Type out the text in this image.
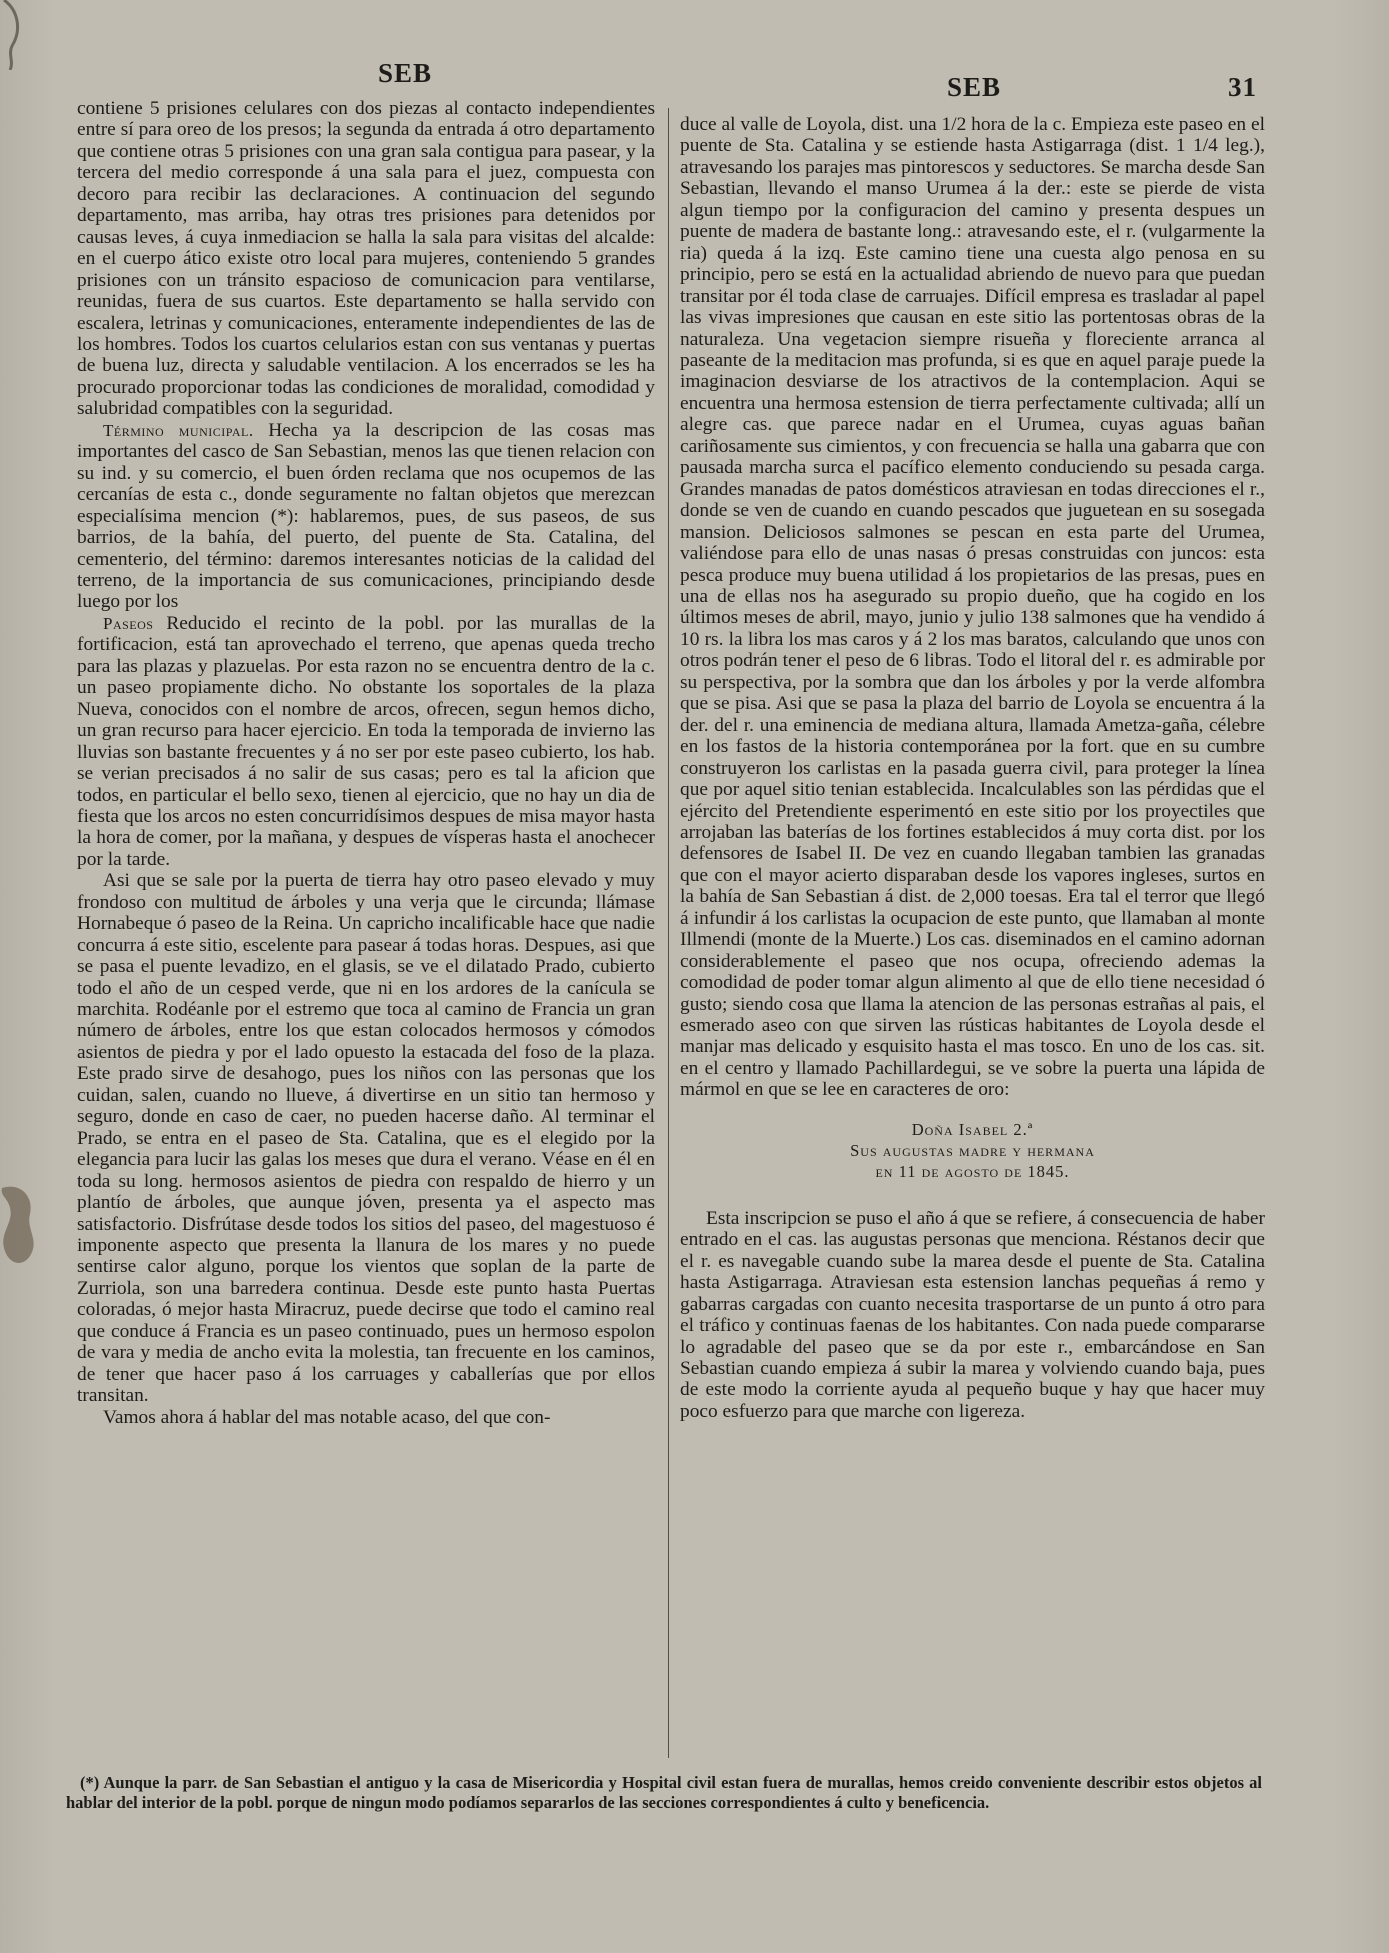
SEB	SEB	31

contiene 5 prisiones celulares con dos piezas al contacto independientes entre sí para oreo de los presos; la segunda da entrada á otro departamento que contiene otras 5 prisiones con una gran sala contigua para pasear, y la tercera del medio corresponde á una sala para el juez, compuesta con decoro para recibir las declaraciones. A continuacion del segundo departamento, mas arriba, hay otras tres prisiones para detenidos por causas leves, á cuya inmediacion se halla la sala para visitas del alcalde: en el cuerpo ático existe otro local para mujeres, conteniendo 5 grandes prisiones con un tránsito espacioso de comunicacion para ventilarse, reunidas, fuera de sus cuartos. Este departamento se halla servido con escalera, letrinas y comunicaciones, enteramente independientes de las de los hombres. Todos los cuartos celularios estan con sus ventanas y puertas de buena luz, directa y saludable ventilacion. A los encerrados se les ha procurado proporcionar todas las condiciones de moralidad, comodidad y salubridad compatibles con la seguridad.

Término municipal. Hecha ya la descripcion de las cosas mas importantes del casco de San Sebastian, menos las que tienen relacion con su ind. y su comercio, el buen órden reclama que nos ocupemos de las cercanías de esta c., donde seguramente no faltan objetos que merezcan especialísima mencion (*): hablaremos, pues, de sus paseos, de sus barrios, de la bahía, del puerto, del puente de Sta. Catalina, del cementerio, del término: daremos interesantes noticias de la calidad del terreno, de la importancia de sus comunicaciones, principiando desde luego por los

Paseos Reducido el recinto de la pobl. por las murallas de la fortificacion, está tan aprovechado el terreno, que apenas queda trecho para las plazas y plazuelas. Por esta razon no se encuentra dentro de la c. un paseo propiamente dicho. No obstante los soportales de la plaza Nueva, conocidos con el nombre de arcos, ofrecen, segun hemos dicho, un gran recurso para hacer ejercicio. En toda la temporada de invierno las lluvias son bastante frecuentes y á no ser por este paseo cubierto, los hab. se verian precisados á no salir de sus casas; pero es tal la aficion que todos, en particular el bello sexo, tienen al ejercicio, que no hay un dia de fiesta que los arcos no esten concurridísimos despues de misa mayor hasta la hora de comer, por la mañana, y despues de vísperas hasta el anochecer por la tarde.

Asi que se sale por la puerta de tierra hay otro paseo elevado y muy frondoso con multitud de árboles y una verja que le circunda; llámase Hornabeque ó paseo de la Reina. Un capricho incalificable hace que nadie concurra á este sitio, escelente para pasear á todas horas. Despues, asi que se pasa el puente levadizo, en el glasis, se ve el dilatado Prado, cubierto todo el año de un cesped verde, que ni en los ardores de la canícula se marchita. Rodéanle por el estremo que toca al camino de Francia un gran número de árboles, entre los que estan colocados hermosos y cómodos asientos de piedra y por el lado opuesto la estacada del foso de la plaza. Este prado sirve de desahogo, pues los niños con las personas que los cuidan, salen, cuando no llueve, á divertirse en un sitio tan hermoso y seguro, donde en caso de caer, no pueden hacerse daño. Al terminar el Prado, se entra en el paseo de Sta. Catalina, que es el elegido por la elegancia para lucir las galas los meses que dura el verano. Véase en él en toda su long. hermosos asientos de piedra con respaldo de hierro y un plantío de árboles, que aunque jóven, presenta ya el aspecto mas satisfactorio. Disfrútase desde todos los sitios del paseo, del magestuoso é imponente aspecto que presenta la llanura de los mares y no puede sentirse calor alguno, porque los vientos que soplan de la parte de Zurriola, son una barredera continua. Desde este punto hasta Puertas coloradas, ó mejor hasta Miracruz, puede decirse que todo el camino real que conduce á Francia es un paseo continuado, pues un hermoso espolon de vara y media de ancho evita la molestia, tan frecuente en los caminos, de tener que hacer paso á los carruages y caballerías que por ellos transitan.

Vamos ahora á hablar del mas notable acaso, del que con-

duce al valle de Loyola, dist. una 1/2 hora de la c. Empieza este paseo en el puente de Sta. Catalina y se estiende hasta Astigarraga (dist. 1 1/4 leg.), atravesando los parajes mas pintorescos y seductores. Se marcha desde San Sebastian, llevando el manso Urumea á la der.: este se pierde de vista algun tiempo por la configuracion del camino y presenta despues un puente de madera de bastante long.: atravesando este, el r. (vulgarmente la ria) queda á la izq. Este camino tiene una cuesta algo penosa en su principio, pero se está en la actualidad abriendo de nuevo para que puedan transitar por él toda clase de carruajes. Difícil empresa es trasladar al papel las vivas impresiones que causan en este sitio las portentosas obras de la naturaleza. Una vegetacion siempre risueña y floreciente arranca al paseante de la meditacion mas profunda, si es que en aquel paraje puede la imaginacion desviarse de los atractivos de la contemplacion. Aqui se encuentra una hermosa estension de tierra perfectamente cultivada; allí un alegre cas. que parece nadar en el Urumea, cuyas aguas bañan cariñosamente sus cimientos, y con frecuencia se halla una gabarra que con pausada marcha surca el pacífico elemento conduciendo su pesada carga. Grandes manadas de patos domésticos atraviesan en todas direcciones el r., donde se ven de cuando en cuando pescados que juguetean en su sosegada mansion. Deliciosos salmones se pescan en esta parte del Urumea, valiéndose para ello de unas nasas ó presas construidas con juncos: esta pesca produce muy buena utilidad á los propietarios de las presas, pues en una de ellas nos ha asegurado su propio dueño, que ha cogido en los últimos meses de abril, mayo, junio y julio 138 salmones que ha vendido á 10 rs. la libra los mas caros y á 2 los mas baratos, calculando que unos con otros podrán tener el peso de 6 libras. Todo el litoral del r. es admirable por su perspectiva, por la sombra que dan los árboles y por la verde alfombra que se pisa. Asi que se pasa la plaza del barrio de Loyola se encuentra á la der. del r. una eminencia de mediana altura, llamada Ametza-gaña, célebre en los fastos de la historia contemporánea por la fort. que en su cumbre construyeron los carlistas en la pasada guerra civil, para proteger la línea que por aquel sitio tenian establecida. Incalculables son las pérdidas que el ejército del Pretendiente esperimentó en este sitio por los proyectiles que arrojaban las baterías de los fortines establecidos á muy corta dist. por los defensores de Isabel II. De vez en cuando llegaban tambien las granadas que con el mayor acierto disparaban desde los vapores ingleses, surtos en la bahía de San Sebastian á dist. de 2,000 toesas. Era tal el terror que llegó á infundir á los carlistas la ocupacion de este punto, que llamaban al monte Illmendi (monte de la Muerte.) Los cas. diseminados en el camino adornan considerablemente el paseo que nos ocupa, ofreciendo ademas la comodidad de poder tomar algun alimento al que de ello tiene necesidad ó gusto; siendo cosa que llama la atencion de las personas estrañas al pais, el esmerado aseo con que sirven las rústicas habitantes de Loyola desde el manjar mas delicado y esquisito hasta el mas tosco. En uno de los cas. sit. en el centro y llamado Pachillardegui, se ve sobre la puerta una lápida de mármol en que se lee en caracteres de oro:

Doña Isabel 2.ª
Sus augustas madre y hermana
en 11 de agosto de 1845.

Esta inscripcion se puso el año á que se refiere, á consecuencia de haber entrado en el cas. las augustas personas que menciona. Réstanos decir que el r. es navegable cuando sube la marea desde el puente de Sta. Catalina hasta Astigarraga. Atraviesan esta estension lanchas pequeñas á remo y gabarras cargadas con cuanto necesita trasportarse de un punto á otro para el tráfico y continuas faenas de los habitantes. Con nada puede compararse lo agradable del paseo que se da por este r., embarcándose en San Sebastian cuando empieza á subir la marea y volviendo cuando baja, pues de este modo la corriente ayuda al pequeño buque y hay que hacer muy poco esfuerzo para que marche con ligereza.

(*) Aunque la parr. de San Sebastian el antiguo y la casa de Misericordia y Hospital civil estan fuera de murallas, hemos creido conveniente describir estos objetos al hablar del interior de la pobl. porque de ningun modo podíamos separarlos de las secciones correspondientes á culto y beneficencia.
